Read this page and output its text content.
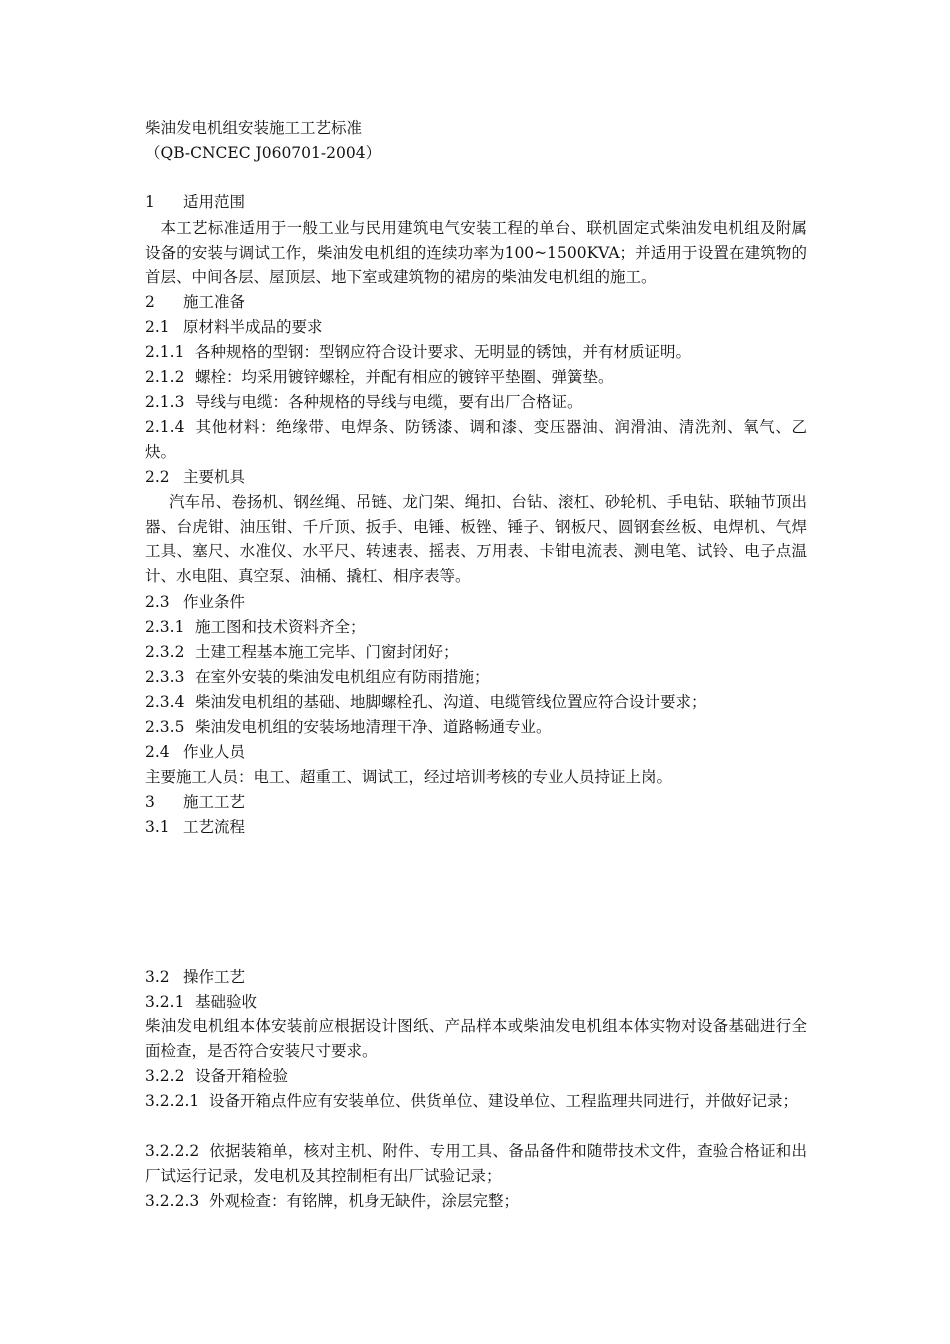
柴油发电机组安装施工工艺标准
（QB-CNCEC J060701-2004）
1 适用范围
本工艺标准适用于一般工业与民用建筑电气安装工程的单台、联机固定式柴油发电机组及附属设备的安装与调试工作，柴油发电机组的连续功率为100~1500KVA；并适用于设置在建筑物的首层、中间各层、屋顶层、地下室或建筑物的裙房的柴油发电机组的施工。
2 施工准备
2.1 原材料半成品的要求
2.1.1 各种规格的型钢：型钢应符合设计要求、无明显的锈蚀，并有材质证明。
2.1.2 螺栓：均采用镀锌螺栓，并配有相应的镀锌平垫圈、弹簧垫。
2.1.3 导线与电缆：各种规格的导线与电缆，要有出厂合格证。
2.1.4 其他材料：绝缘带、电焊条、防锈漆、调和漆、变压器油、润滑油、清洗剂、氧气、乙炔。
2.2 主要机具
汽车吊、卷扬机、钢丝绳、吊链、龙门架、绳扣、台钻、滚杠、砂轮机、手电钻、联轴节顶出器、台虎钳、油压钳、千斤顶、扳手、电锤、板锉、锤子、钢板尺、圆钢套丝板、电焊机、气焊工具、塞尺、水准仪、水平尺、转速表、摇表、万用表、卡钳电流表、测电笔、试铃、电子点温计、水电阻、真空泵、油桶、撬杠、相序表等。
2.3 作业条件
2.3.1 施工图和技术资料齐全；
2.3.2 土建工程基本施工完毕、门窗封闭好；
2.3.3 在室外安装的柴油发电机组应有防雨措施；
2.3.4 柴油发电机组的基础、地脚螺栓孔、沟道、电缆管线位置应符合设计要求；
2.3.5 柴油发电机组的安装场地清理干净、道路畅通专业。
2.4 作业人员
主要施工人员：电工、超重工、调试工，经过培训考核的专业人员持证上岗。
3 施工工艺
3.1 工艺流程
3.2 操作工艺
3.2.1 基础验收
柴油发电机组本体安装前应根据设计图纸、产品样本或柴油发电机组本体实物对设备基础进行全面检查，是否符合安装尺寸要求。
3.2.2 设备开箱检验
3.2.2.1 设备开箱点件应有安装单位、供货单位、建设单位、工程监理共同进行，并做好记录；
3.2.2.2 依据装箱单，核对主机、附件、专用工具、备品备件和随带技术文件，查验合格证和出厂试运行记录，发电机及其控制柜有出厂试验记录；
3.2.2.3 外观检查：有铭牌，机身无缺件，涂层完整；
